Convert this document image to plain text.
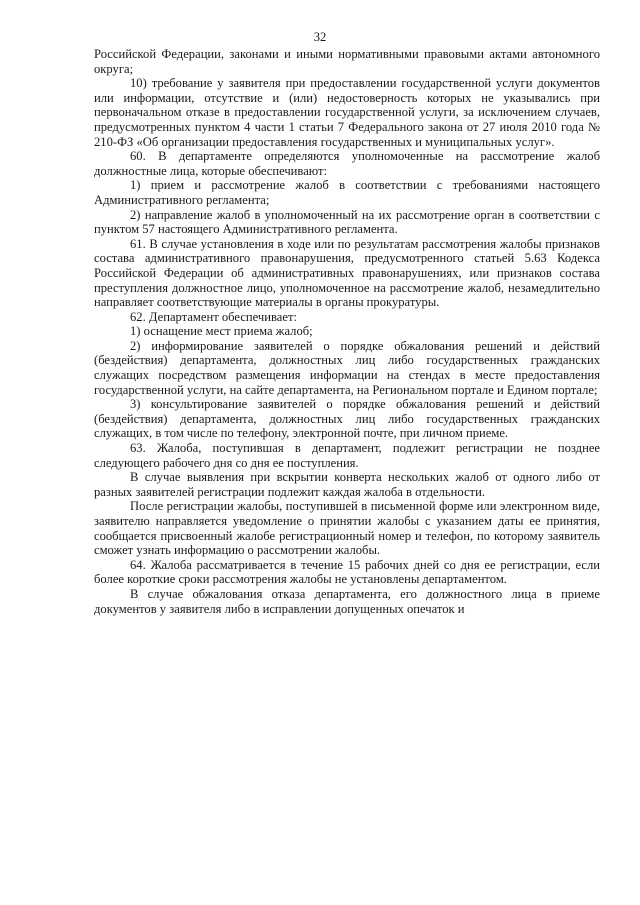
32

Российской Федерации, законами и иными нормативными правовыми актами автономного округа;

10) требование у заявителя при предоставлении государственной услуги документов или информации, отсутствие и (или) недостоверность которых не указывались при первоначальном отказе в предоставлении государственной услуги, за исключением случаев, предусмотренных пунктом 4 части 1 статьи 7 Федерального закона от 27 июля 2010 года № 210-ФЗ «Об организации предоставления государственных и муниципальных услуг».

60. В департаменте определяются уполномоченные на рассмотрение жалоб должностные лица, которые обеспечивают:

1) прием и рассмотрение жалоб в соответствии с требованиями настоящего Административного регламента;

2) направление жалоб в уполномоченный на их рассмотрение орган в соответствии с пунктом 57 настоящего Административного регламента.

61. В случае установления в ходе или по результатам рассмотрения жалобы признаков состава административного правонарушения, предусмотренного статьей 5.63 Кодекса Российской Федерации об административных правонарушениях, или признаков состава преступления должностное лицо, уполномоченное на рассмотрение жалоб, незамедлительно направляет соответствующие материалы в органы прокуратуры.

62. Департамент обеспечивает:

1) оснащение мест приема жалоб;

2) информирование заявителей о порядке обжалования решений и действий (бездействия) департамента, должностных лиц либо государственных гражданских служащих посредством размещения информации на стендах в месте предоставления государственной услуги, на сайте департамента, на Региональном портале и Едином портале;

3) консультирование заявителей о порядке обжалования решений и действий (бездействия) департамента, должностных лиц либо государственных гражданских служащих, в том числе по телефону, электронной почте, при личном приеме.

63. Жалоба, поступившая в департамент, подлежит регистрации не позднее следующего рабочего дня со дня ее поступления.

В случае выявления при вскрытии конверта нескольких жалоб от одного либо от разных заявителей регистрации подлежит каждая жалоба в отдельности.

После регистрации жалобы, поступившей в письменной форме или электронном виде, заявителю направляется уведомление о принятии жалобы с указанием даты ее принятия, сообщается присвоенный жалобе регистрационный номер и телефон, по которому заявитель сможет узнать информацию о рассмотрении жалобы.

64. Жалоба рассматривается в течение 15 рабочих дней со дня ее регистрации, если более короткие сроки рассмотрения жалобы не установлены департаментом.

В случае обжалования отказа департамента, его должностного лица в приеме документов у заявителя либо в исправлении допущенных опечаток и
